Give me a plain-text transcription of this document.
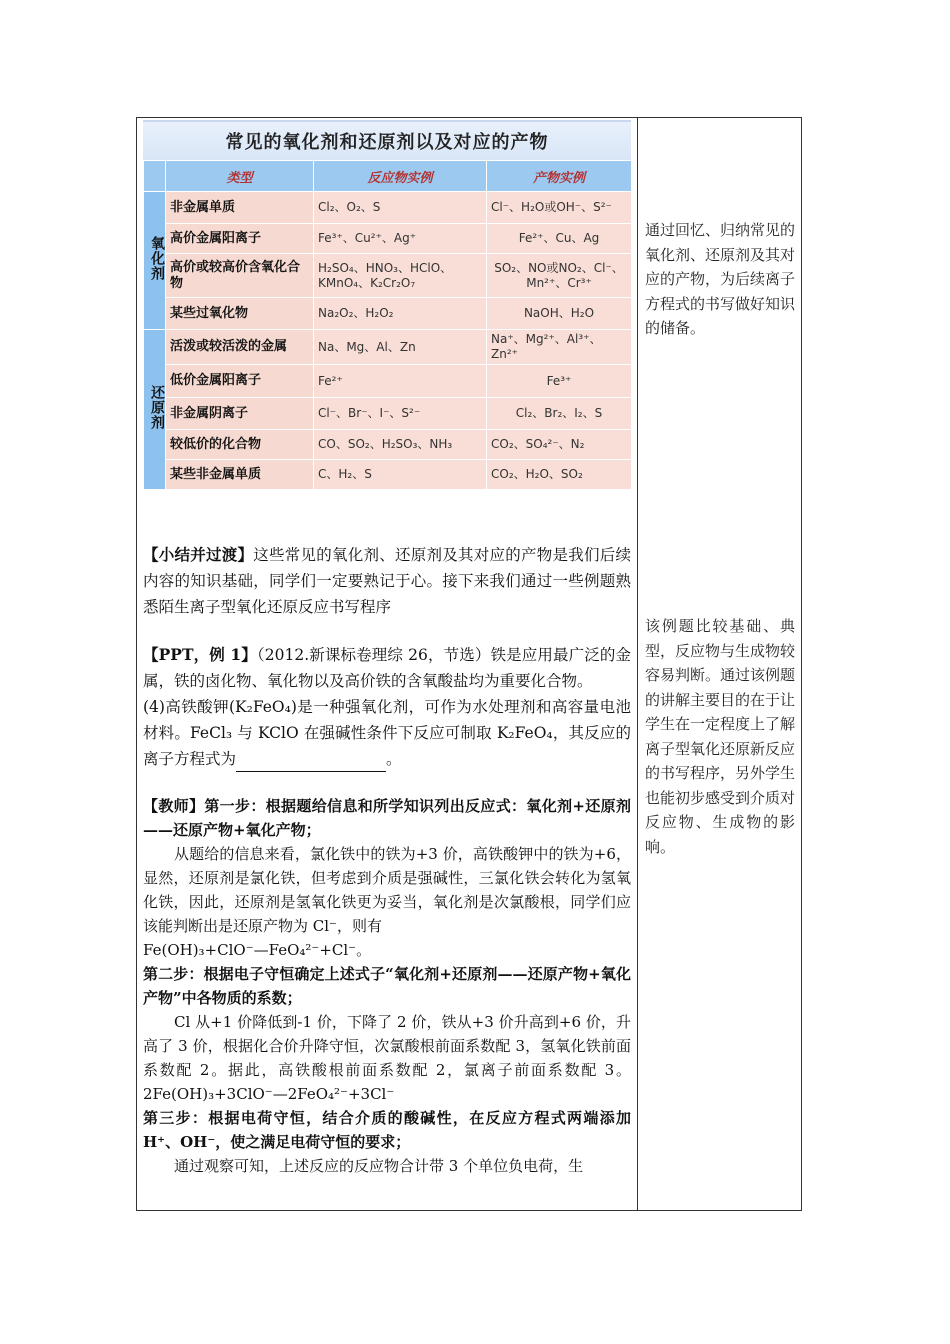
常见的氧化剂和还原剂以及对应的产物
	类型	反应物实例	产物实例
氧化剂	非金属单质	Cl₂、O₂、S	Cl⁻、H₂O或OH⁻、S²⁻
	高价金属阳离子	Fe³⁺、Cu²⁺、Ag⁺	Fe²⁺、Cu、Ag
	高价或较高价含氧化合物	H₂SO₄、HNO₃、HClO、KMnO₄、K₂Cr₂O₇	SO₂、NO或NO₂、Cl⁻、Mn²⁺、Cr³⁺
	某些过氧化物	Na₂O₂、H₂O₂	NaOH、H₂O
还原剂	活泼或较活泼的金属	Na、Mg、Al、Zn	Na⁺、Mg²⁺、Al³⁺、Zn²⁺
	低价金属阳离子	Fe²⁺	Fe³⁺
	非金属阴离子	Cl⁻、Br⁻、I⁻、S²⁻	Cl₂、Br₂、I₂、S
	较低价的化合物	CO、SO₂、H₂SO₃、NH₃	CO₂、SO₄²⁻、N₂
	某些非金属单质	C、H₂、S	CO₂、H₂O、SO₂

【小结并过渡】这些常见的氧化剂、还原剂及其对应的产物是我们后续内容的知识基础，同学们一定要熟记于心。接下来我们通过一些例题熟悉陌生离子型氧化还原反应书写程序

【PPT，例 1】（2012.新课标卷理综 26，节选）铁是应用最广泛的金属，铁的卤化物、氧化物以及高价铁的含氧酸盐均为重要化合物。

(4)高铁酸钾(K₂FeO₄)是一种强氧化剂，可作为水处理剂和高容量电池材料。FeCl₃ 与 KClO 在强碱性条件下反应可制取 K₂FeO₄，其反应的离子方程式为	。

【教师】第一步：根据题给信息和所学知识列出反应式：氧化剂+还原剂——还原产物+氧化产物；

从题给的信息来看，氯化铁中的铁为+3 价，高铁酸钾中的铁为+6，显然，还原剂是氯化铁，但考虑到介质是强碱性，三氯化铁会转化为氢氧化铁，因此，还原剂是氢氧化铁更为妥当，氧化剂是次氯酸根，同学们应该能判断出是还原产物为 Cl⁻，则有

Fe(OH)₃+ClO⁻—FeO₄²⁻+Cl⁻。

第二步：根据电子守恒确定上述式子“氧化剂+还原剂——还原产物+氧化产物”中各物质的系数；

Cl 从+1 价降低到-1 价，下降了 2 价，铁从+3 价升高到+6 价，升高了 3 价，根据化合价升降守恒，次氯酸根前面系数配 3，氢氧化铁前面系数配 2。据此，高铁酸根前面系数配 2，氯离子前面系数配 3。2Fe(OH)₃+3ClO⁻—2FeO₄²⁻+3Cl⁻

第三步：根据电荷守恒，结合介质的酸碱性，在反应方程式两端添加 H⁺、OH⁻，使之满足电荷守恒的要求；

通过观察可知，上述反应的反应物合计带 3 个单位负电荷，生

通过回忆、归纳常见的氧化剂、还原剂及其对应的产物，为后续离子方程式的书写做好知识的储备。
该例题比较基础、典型，反应物与生成物较容易判断。通过该例题的讲解主要目的在于让学生在一定程度上了解离子型氧化还原新反应的书写程序，另外学生也能初步感受到介质对反应物、生成物的影响。
